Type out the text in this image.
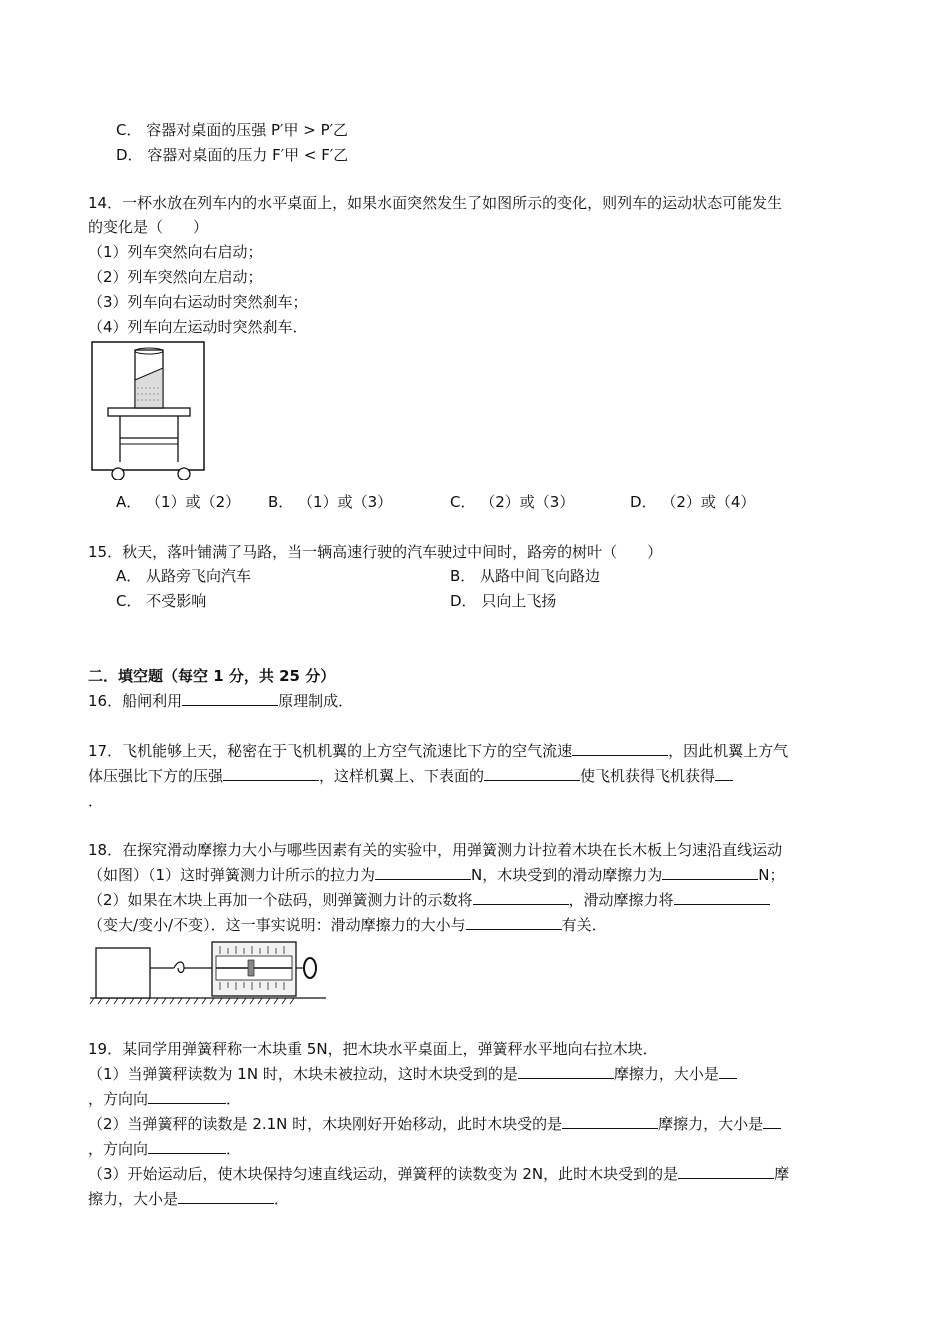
C． 容器对桌面的压强 P′甲 > P′乙
D． 容器对桌面的压力 F′甲 < F′乙
14．一杯水放在列车内的水平桌面上，如果水面突然发生了如图所示的变化，则列车的运动状态可能发生
的变化是（　　）
（1）列车突然向右启动；
（2）列车突然向左启动；
（3）列车向右运动时突然刹车；
（4）列车向左运动时突然刹车．
A． （1）或（2） B． （1）或（3）	C． （2）或（3）	D． （2）或（4）
15．秋天，落叶铺满了马路，当一辆高速行驶的汽车驶过中间时，路旁的树叶（　　）
A． 从路旁飞向汽车	B． 从路中间飞向路边
C． 不受影响	D． 只向上飞扬
二．填空题（每空 1 分，共 25 分）
16．船闸利用	原理制成．
17．飞机能够上天，秘密在于飞机机翼的上方空气流速比下方的空气流速	，因此机翼上方气
体压强比下方的压强	，这样机翼上、下表面的	使飞机获得飞机获得
．
18．在探究滑动摩擦力大小与哪些因素有关的实验中，用弹簧测力计拉着木块在长木板上匀速沿直线运动
（如图）（1）这时弹簧测力计所示的拉力为	N，木块受到的滑动摩擦力为	N；
（2）如果在木块上再加一个砝码，则弹簧测力计的示数将	，滑动摩擦力将
（变大/变小/不变）．这一事实说明：滑动摩擦力的大小与	有关．
19．某同学用弹簧秤称一木块重 5N，把木块水平桌面上，弹簧秤水平地向右拉木块．
（1）当弹簧秤读数为 1N 时，木块未被拉动，这时木块受到的是	摩擦力，大小是
，方向向	．
（2）当弹簧秤的读数是 2.1N 时，木块刚好开始移动，此时木块受的是	摩擦力，大小是
，方向向	．
（3）开始运动后，使木块保持匀速直线运动，弹簧秤的读数变为 2N，此时木块受到的是	摩
擦力，大小是	．
